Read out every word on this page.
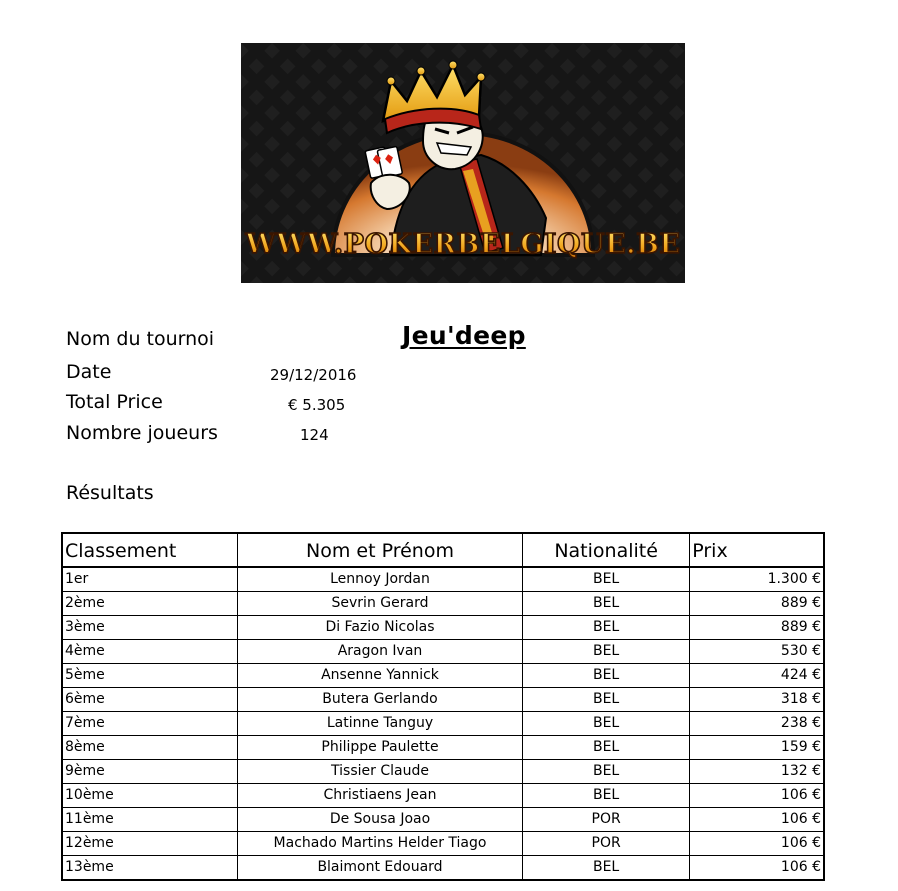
WWW.POKERBELGIQUE.BE
Nom du tournoi	Jeu'deep
Date	29/12/2016
Total Price	€ 5.305
Nombre joueurs	124
Résultats
Classement	Nom et Prénom	Nationalité	Prix
1er	Lennoy Jordan	BEL	1.300 €
2ème	Sevrin Gerard	BEL	889 €
3ème	Di Fazio Nicolas	BEL	889 €
4ème	Aragon Ivan	BEL	530 €
5ème	Ansenne Yannick	BEL	424 €
6ème	Butera Gerlando	BEL	318 €
7ème	Latinne Tanguy	BEL	238 €
8ème	Philippe Paulette	BEL	159 €
9ème	Tissier Claude	BEL	132 €
10ème	Christiaens Jean	BEL	106 €
11ème	De Sousa Joao	POR	106 €
12ème	Machado Martins Helder Tiago	POR	106 €
13ème	Blaimont Edouard	BEL	106 €
